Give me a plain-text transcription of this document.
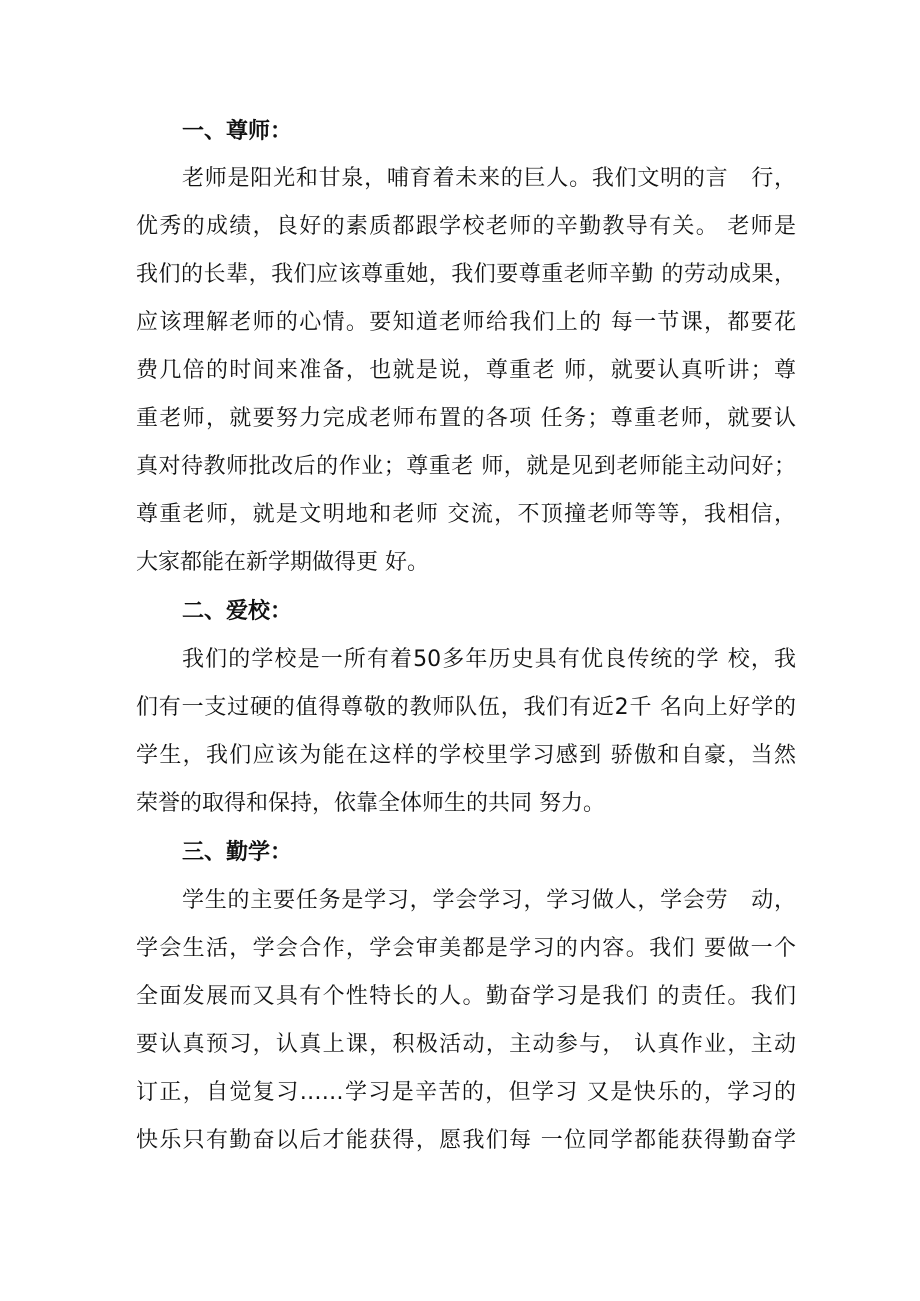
一、尊师：
老师是阳光和甘泉，哺育着未来的巨人。我们文明的言　行，
优秀的成绩，良好的素质都跟学校老师的辛勤教导有关。 老师是
我们的长辈，我们应该尊重她，我们要尊重老师辛勤 的劳动成果，
应该理解老师的心情。要知道老师给我们上的 每一节课，都要花
费几倍的时间来准备，也就是说，尊重老 师，就要认真听讲；尊
重老师，就要努力完成老师布置的各项 任务；尊重老师，就要认
真对待教师批改后的作业；尊重老 师，就是见到老师能主动问好；
尊重老师，就是文明地和老师 交流，不顶撞老师等等，我相信，
大家都能在新学期做得更 好。
二、爱校：
我们的学校是一所有着50多年历史具有优良传统的学 校，我
们有一支过硬的值得尊敬的教师队伍，我们有近2千 名向上好学的
学生，我们应该为能在这样的学校里学习感到 骄傲和自豪，当然
荣誉的取得和保持，依靠全体师生的共同 努力。
三、勤学：
学生的主要任务是学习，学会学习，学习做人，学会劳　动，
学会生活，学会合作，学会审美都是学习的内容。我们 要做一个
全面发展而又具有个性特长的人。勤奋学习是我们 的责任。我们
要认真预习，认真上课，积极活动，主动参与， 认真作业，主动
订正，自觉复习……学习是辛苦的，但学习 又是快乐的，学习的
快乐只有勤奋以后才能获得，愿我们每 一位同学都能获得勤奋学
